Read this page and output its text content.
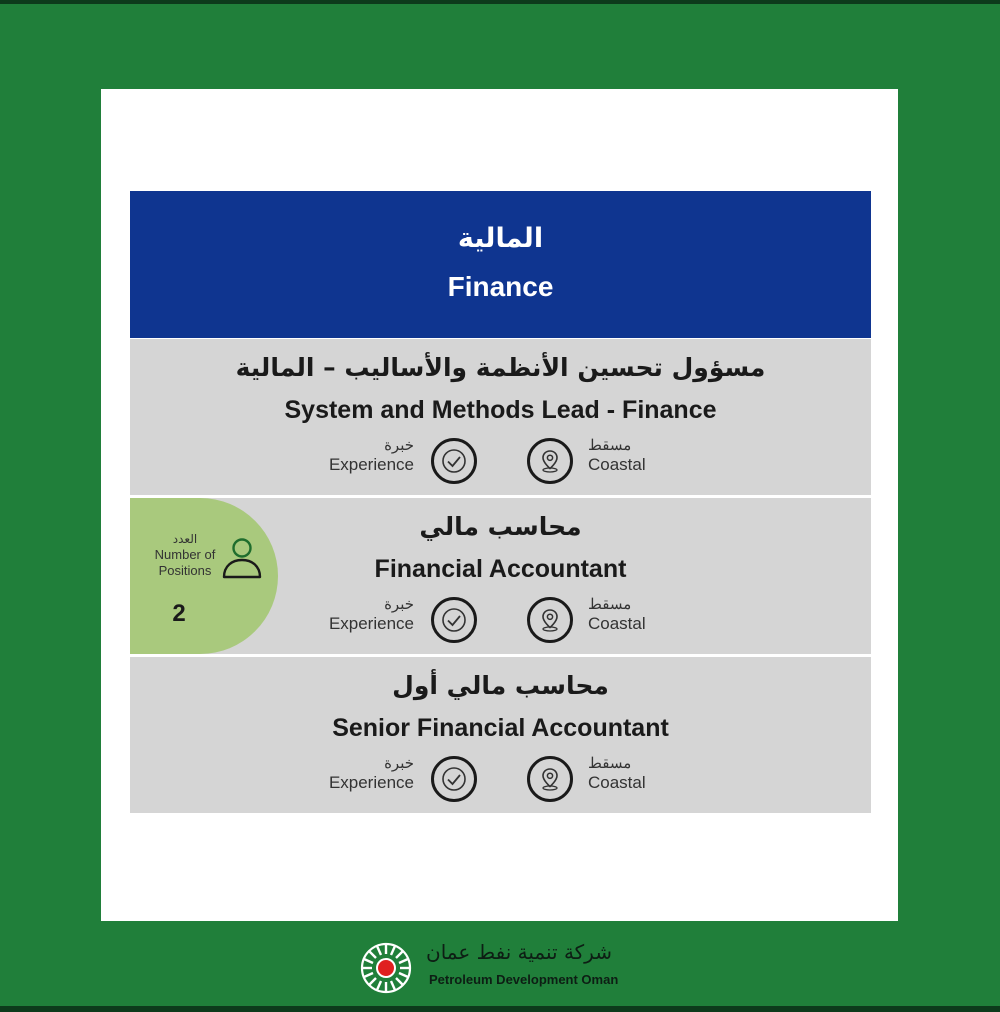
المالية
Finance
مسؤول تحسين الأنظمة والأساليب – المالية
System and Methods Lead - Finance
خبرة
Experience
مسقط
Coastal
محاسب مالي
Financial Accountant
خبرة
Experience
مسقط
Coastal
العدد
Number of Positions
2
محاسب مالي أول
Senior Financial Accountant
خبرة
Experience
مسقط
Coastal
شركة تنمية نفط عمان
Petroleum Development Oman
